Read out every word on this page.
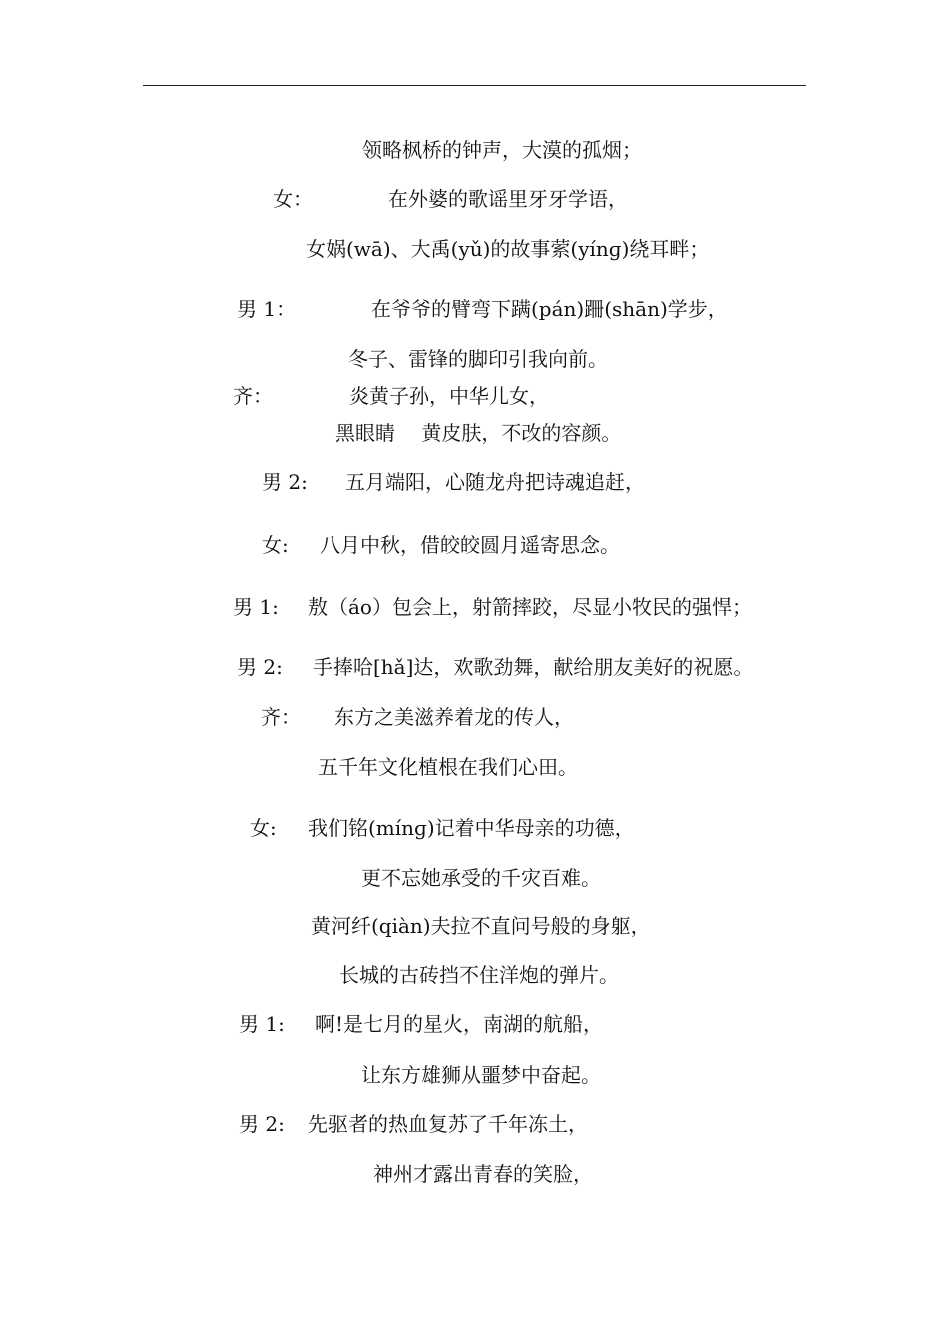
领略枫桥的钟声，大漠的孤烟；
女：	在外婆的歌谣里牙牙学语，
女娲(wā)、大禹(yǔ)的故事萦(yínɡ)绕耳畔；
男 1：	在爷爷的臂弯下蹒(pán)跚(shān)学步，
冬子、雷锋的脚印引我向前。
齐：	炎黄子孙，中华儿女，
黑眼睛　 黄皮肤，不改的容颜。
男 2: 五月端阳，心随龙舟把诗魂追赶，
女: 八月中秋，借皎皎圆月遥寄思念。
男 1: 敖（áo）包会上，射箭摔跤，尽显小牧民的强悍；
男 2: 手捧哈[hǎ]达，欢歌劲舞，献给朋友美好的祝愿。
齐： 东方之美滋养着龙的传人，
五千年文化植根在我们心田。
女: 我们铭(mínɡ)记着中华母亲的功德，
更不忘她承受的千灾百难。
黄河纤(qiàn)夫拉不直问号般的身躯，
长城的古砖挡不住洋炮的弹片。
男 1: 啊!是七月的星火，南湖的航船，
让东方雄狮从噩梦中奋起。
男 2: 先驱者的热血复苏了千年冻土，
神州才露出青春的笑脸，
